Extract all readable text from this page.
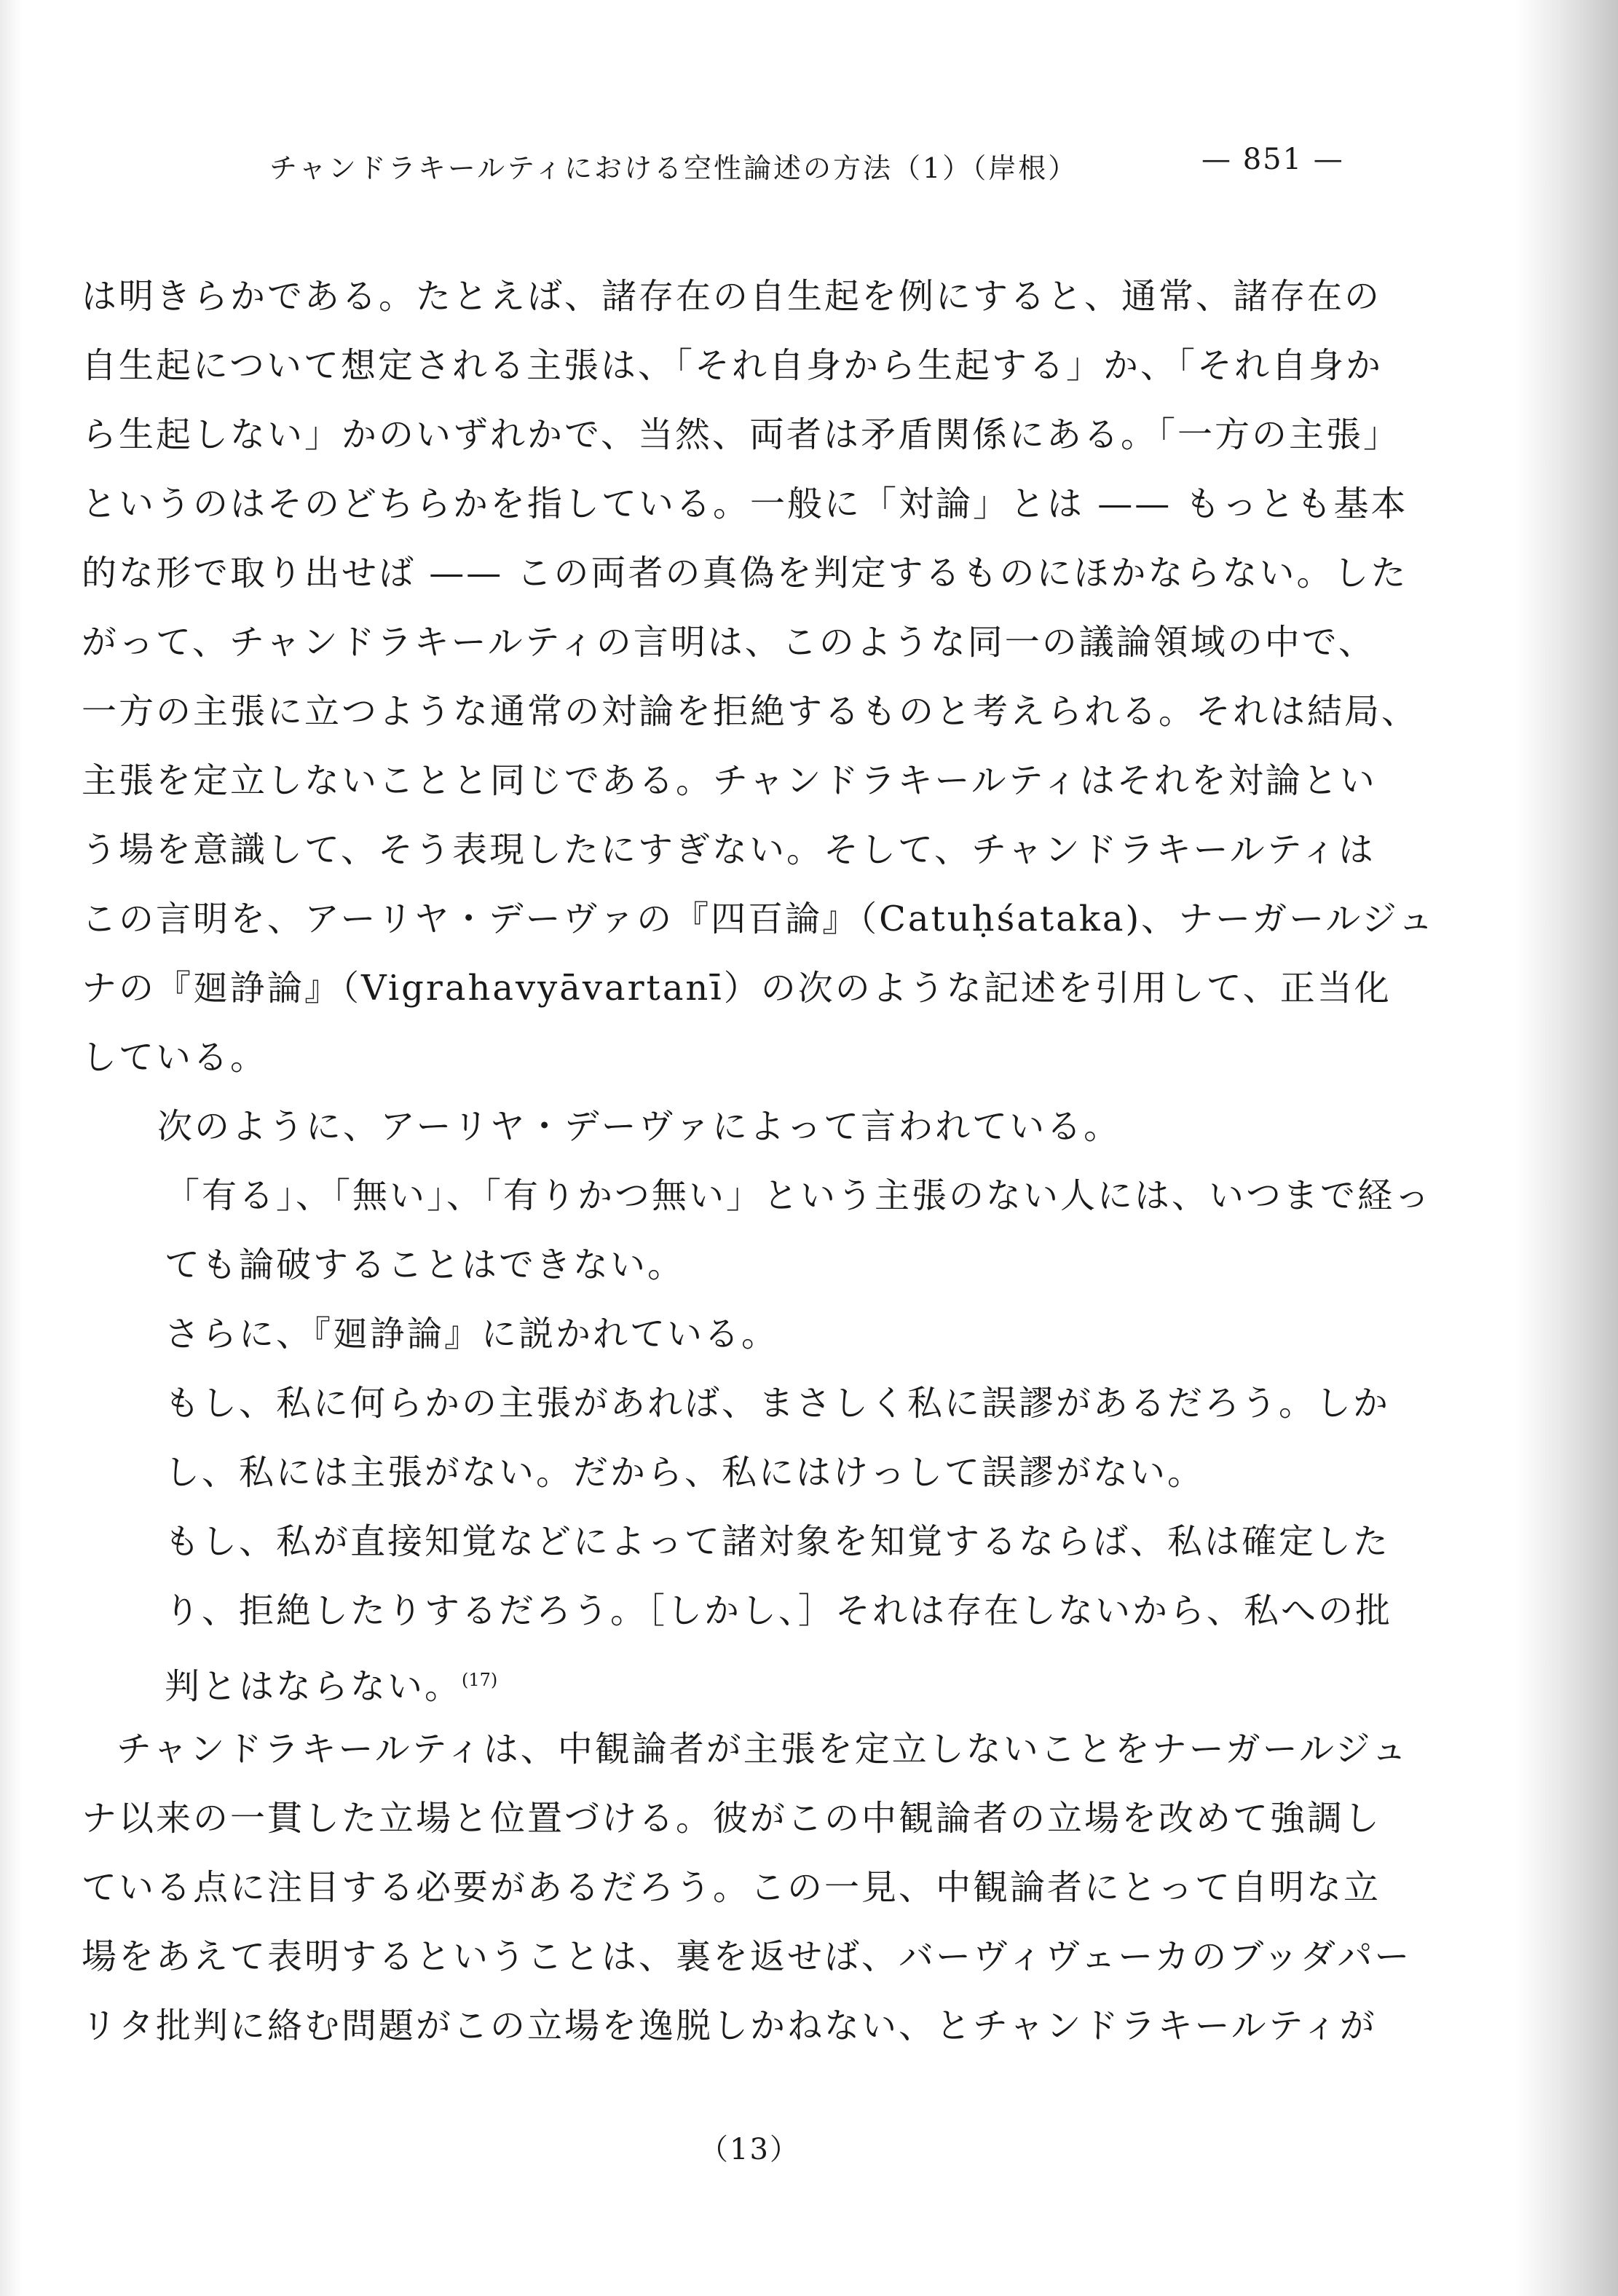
チャンドラキールティにおける空性論述の方法（1）（岸根）	— 851 —
は明きらかである。たとえば、諸存在の自生起を例にすると、通常、諸存在の
自生起について想定される主張は、「それ自身から生起する」か、「それ自身か
ら生起しない」かのいずれかで、当然、両者は矛盾関係にある。「一方の主張」
というのはそのどちらかを指している。一般に「対論」とは —— もっとも基本
的な形で取り出せば —— この両者の真偽を判定するものにほかならない。した
がって、チャンドラキールティの言明は、このような同一の議論領域の中で、
一方の主張に立つような通常の対論を拒絶するものと考えられる。それは結局、
主張を定立しないことと同じである。チャンドラキールティはそれを対論とい
う場を意識して、そう表現したにすぎない。そして、チャンドラキールティは
この言明を、アーリヤ・デーヴァの『四百論』（Catuḥśataka)、ナーガールジュ
ナの『廻諍論』（Vigrahavyāvartanī）の次のような記述を引用して、正当化
している。
次のように、アーリヤ・デーヴァによって言われている。
「有る」、「無い」、「有りかつ無い」という主張のない人には、いつまで経っ
ても論破することはできない。
さらに、『廻諍論』に説かれている。
もし、私に何らかの主張があれば、まさしく私に誤謬があるだろう。しか
し、私には主張がない。だから、私にはけっして誤謬がない。
もし、私が直接知覚などによって諸対象を知覚するならば、私は確定した
り、拒絶したりするだろう。［しかし、］それは存在しないから、私への批
判とはならない。$^{(17)}$
チャンドラキールティは、中観論者が主張を定立しないことをナーガールジュ
ナ以来の一貫した立場と位置づける。彼がこの中観論者の立場を改めて強調し
ている点に注目する必要があるだろう。この一見、中観論者にとって自明な立
場をあえて表明するということは、裏を返せば、バーヴィヴェーカのブッダパー
リタ批判に絡む問題がこの立場を逸脱しかねない、とチャンドラキールティが
（13）
